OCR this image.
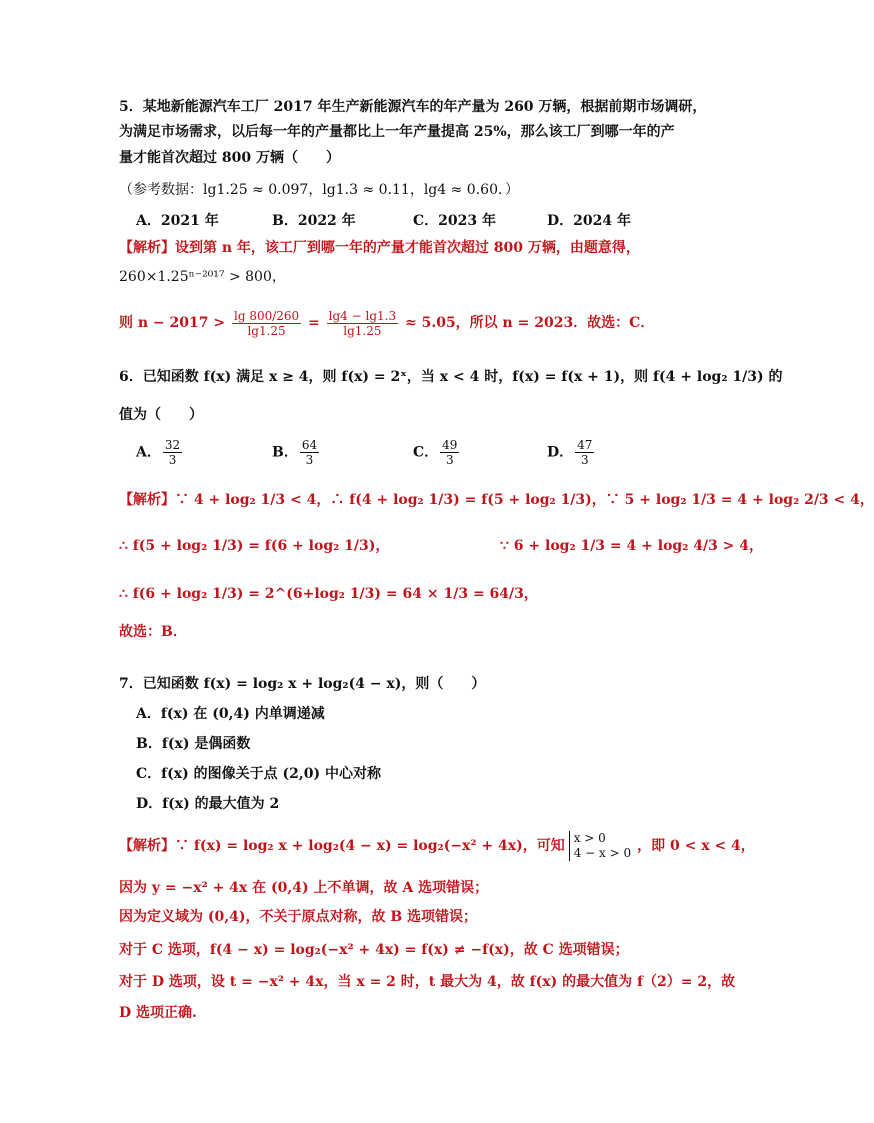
5．某地新能源汽车工厂 2017 年生产新能源汽车的年产量为 260 万辆，根据前期市场调研，
为满足市场需求，以后每一年的产量都比上一年产量提高 25%，那么该工厂到哪一年的产
量才能首次超过 800 万辆（　　）
（参考数据：lg1.25 ≈ 0.097，lg1.3 ≈ 0.11，lg4 ≈ 0.60．）
A．2021 年	B．2022 年	C．2023 年	D．2024 年
【解析】设到第 n 年，该工厂到哪一年的产量才能首次超过 800 万辆，由题意得，
260×1.25ⁿ⁻²⁰¹⁷ > 800，
则 $n - 2017 > \frac{\lg 800/260}{\lg 1.25} = \frac{\lg 4 - \lg 1.3}{\lg 1.25} \approx 5.05$，所以 n = 2023．故选：C．
6．已知函数 f(x) 满足 x ≥ 4，则 f(x) = 2ˣ，当 x < 4 时，f(x) = f(x + 1)，则 f(4 + log₂ 1/3) 的
值为（　　）
A． $\frac{32}{3}$	B． $\frac{64}{3}$	C． $\frac{49}{3}$	D． $\frac{47}{3}$
【解析】∵ 4 + log₂ 1/3 < 4，∴ f(4 + log₂ 1/3) = f(5 + log₂ 1/3)，∵ 5 + log₂ 1/3 = 4 + log₂ 2/3 < 4，
∴ f(5 + log₂ 1/3) = f(6 + log₂ 1/3)，	∵ 6 + log₂ 1/3 = 4 + log₂ 4/3 > 4，
∴ f(6 + log₂ 1/3) = 2^(6+log₂ 1/3) = 64 × 1/3 = 64/3，
故选：B．
7．已知函数 f(x) = log₂ x + log₂(4 − x)，则（　　）
A．f(x) 在 (0,4) 内单调递减
B．f(x) 是偶函数
C．f(x) 的图像关于点 (2,0) 中心对称
D．f(x) 的最大值为 2
【解析】∵ f(x) = log₂ x + log₂(4 − x) = log₂(−x² + 4x)，可知 x > 0
4 − x > 0 ，即 0 < x < 4，
因为 y = −x² + 4x 在 (0,4) 上不单调，故 A 选项错误；
因为定义域为 (0,4)，不关于原点对称，故 B 选项错误；
对于 C 选项，f(4 − x) = log₂(−x² + 4x) = f(x) ≠ −f(x)，故 C 选项错误；
对于 D 选项，设 t = −x² + 4x，当 x = 2 时，t 最大为 4，故 f(x) 的最大值为 f（2）= 2，故
D 选项正确.
